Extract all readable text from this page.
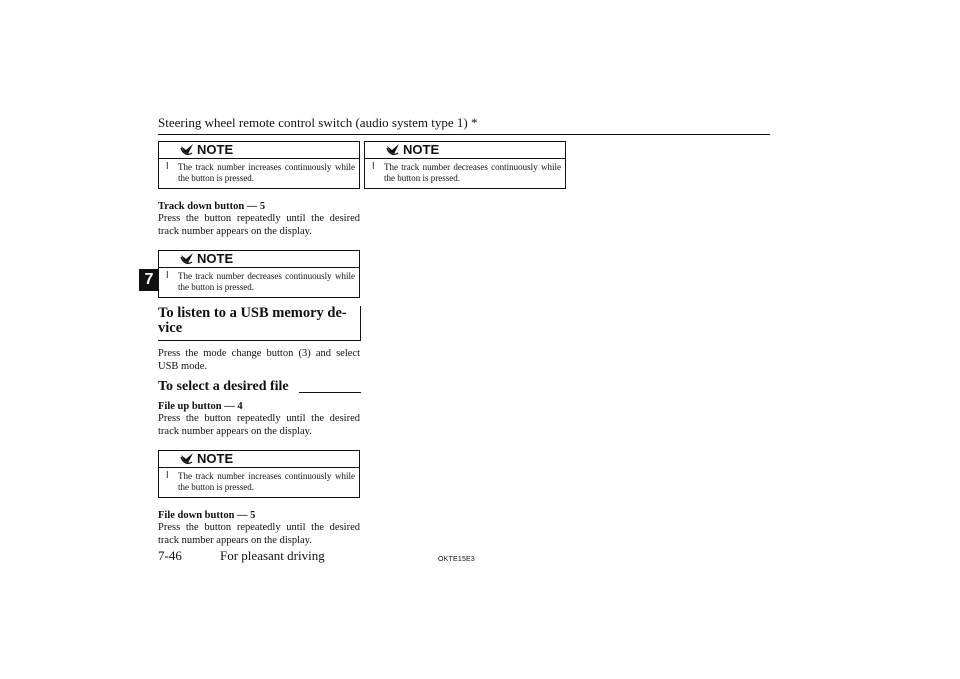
Steering wheel remote control switch (audio system type 1) *
7
NOTE
l The track number increases continuously while the button is pressed.
Track down button — 5
Press the button repeatedly until the desired track number appears on the display.
NOTE
l The track number decreases continuously while the button is pressed.
To listen to a USB memory de-vice
Press the mode change button (3) and select USB mode.
To select a desired file
File up button — 4
Press the button repeatedly until the desired track number appears on the display.
NOTE
l The track number increases continuously while the button is pressed.
File down button — 5
Press the button repeatedly until the desired track number appears on the display.
NOTE
l The track number decreases continuously while the button is pressed.
7-46	For pleasant driving	OKTE15E3
